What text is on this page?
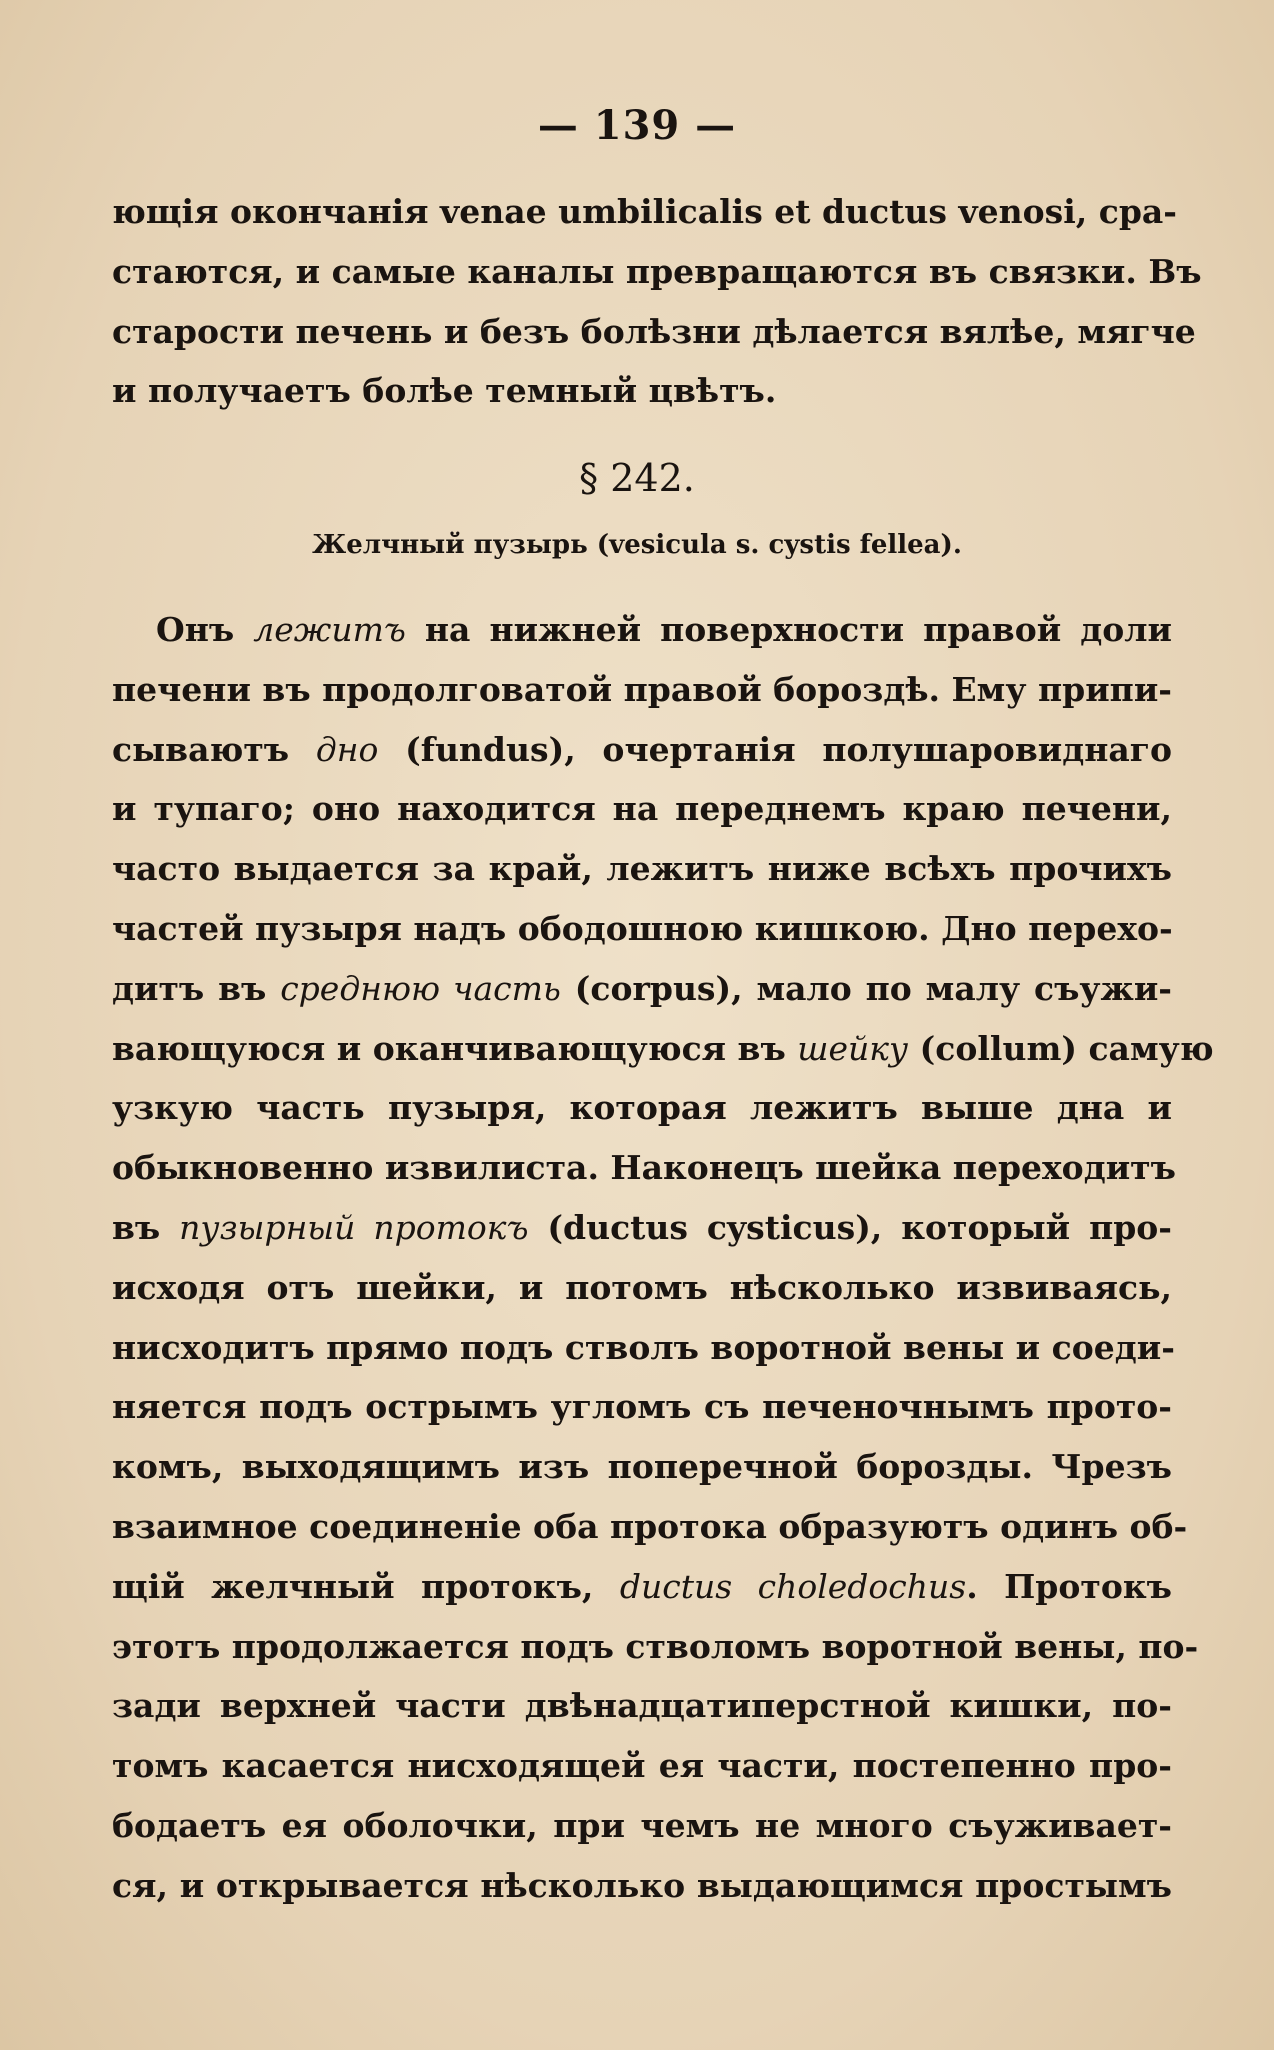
— 139 —
ющія окончанія venae umbilicalis et ductus venosi, сра-
стаются, и самые каналы превращаются въ связки. Въ
старости печень и безъ болѣзни дѣлается вялѣе, мягче
и получаетъ болѣе темный цвѣтъ.
§ 242.
Желчный пузырь (vesicula s. cystis fellea).
Онъ лежитъ на нижней поверхности правой доли
печени въ продолговатой правой бороздѣ. Ему припи-
сываютъ дно (fundus), очертанія полушаровиднаго
и тупаго; оно находится на переднемъ краю печени,
часто выдается за край, лежитъ ниже всѣхъ прочихъ
частей пузыря надъ ободошною кишкою. Дно перехо-
дитъ въ среднюю часть (corpus), мало по малу съужи-
вающуюся и оканчивающуюся въ шейку (collum) самую
узкую часть пузыря, которая лежитъ выше дна и
обыкновенно извилиста. Наконецъ шейка переходитъ
въ пузырный протокъ (ductus cysticus), который про-
исходя отъ шейки, и потомъ нѣсколько извиваясь,
нисходитъ прямо подъ стволъ воротной вены и соеди-
няется подъ острымъ угломъ съ печеночнымъ прото-
комъ, выходящимъ изъ поперечной борозды. Чрезъ
взаимное соединеніе оба протока образуютъ одинъ об-
щій желчный протокъ, ductus choledochus. Протокъ
этотъ продолжается подъ стволомъ воротной вены, по-
зади верхней части двѣнадцатиперстной кишки, по-
томъ касается нисходящей ея части, постепенно про-
бодаетъ ея оболочки, при чемъ не много съуживает-
ся, и открывается нѣсколько выдающимся простымъ
